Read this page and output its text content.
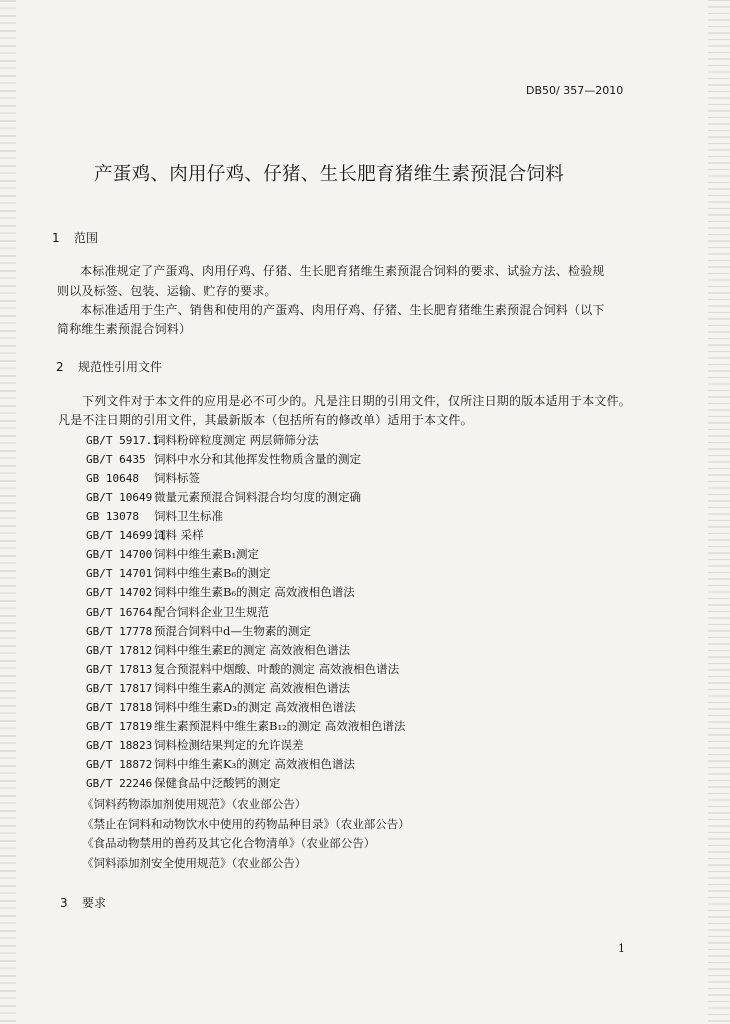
DB50/ 357—2010
产蛋鸡、肉用仔鸡、仔猪、生长肥育猪维生素预混合饲料
1 范围
本标准规定了产蛋鸡、肉用仔鸡、仔猪、生长肥育猪维生素预混合饲料的要求、试验方法、检验规
则以及标签、包装、运输、贮存的要求。
本标准适用于生产、销售和使用的产蛋鸡、肉用仔鸡、仔猪、生长肥育猪维生素预混合饲料（以下
简称维生素预混合饲料）
2 规范性引用文件
下列文件对于本文件的应用是必不可少的。凡是注日期的引用文件，仅所注日期的版本适用于本文件。
凡是不注日期的引用文件，其最新版本（包括所有的修改单）适用于本文件。
GB/T 5917.1饲料粉碎粒度测定 两层筛筛分法
GB/T 6435 饲料中水分和其他挥发性物质含量的测定
GB 10648 饲料标签
GB/T 10649 微量元素预混合饲料混合均匀度的测定确
GB 13078 饲料卫生标准
GB/T 14699.1饲料 采样
GB/T 14700 饲料中维生素B₁测定
GB/T 14701 饲料中维生素B₆的测定
GB/T 14702 饲料中维生素B₆的测定 高效液相色谱法
GB/T 16764 配合饲料企业卫生规范
GB/T 17778 预混合饲料中d—生物素的测定
GB/T 17812 饲料中维生素E的测定 高效液相色谱法
GB/T 17813 复合预混料中烟酸、叶酸的测定 高效液相色谱法
GB/T 17817 饲料中维生素A的测定 高效液相色谱法
GB/T 17818 饲料中维生素D₃的测定 高效液相色谱法
GB/T 17819 维生素预混料中维生素B₁₂的测定 高效液相色谱法
GB/T 18823 饲料检测结果判定的允许误差
GB/T 18872 饲料中维生素K₃的测定 高效液相色谱法
GB/T 22246 保健食品中泛酸钙的测定
《饲料药物添加剂使用规范》（农业部公告）
《禁止在饲料和动物饮水中使用的药物品种目录》（农业部公告）
《食品动物禁用的兽药及其它化合物清单》（农业部公告）
《饲料添加剂安全使用规范》（农业部公告）
3 要求
1
